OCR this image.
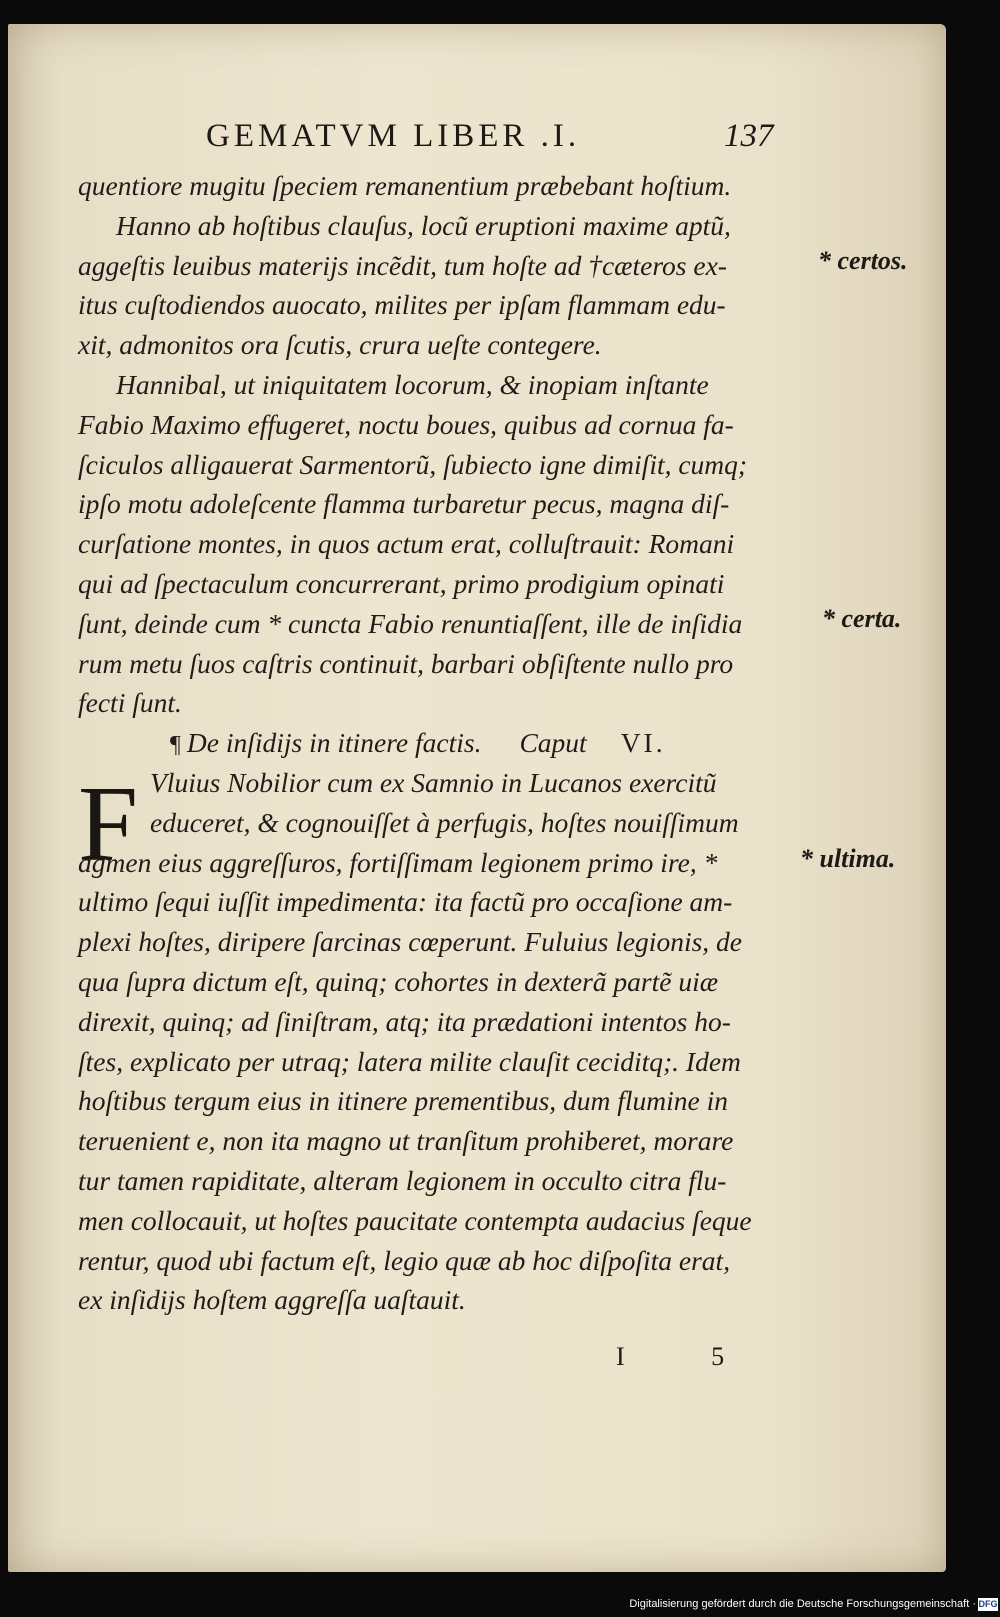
GEMATVM LIBER .I.	137
quentiore mugitu ſpeciem remanentium præbebant hoſtium.
Hanno ab hoſtibus clauſus, locũ eruptioni maxime aptũ,
aggeſtis leuibus materijs incẽdit, tum hoſte ad †cæteros ex-
itus cuſtodiendos auocato, milites per ipſam flammam edu-
xit, admonitos ora ſcutis, crura ueſte contegere.
Hannibal, ut iniquitatem locorum, & inopiam inſtante
Fabio Maximo effugeret, noctu boues, quibus ad cornua fa-
ſciculos alligauerat Sarmentorũ, ſubiecto igne dimiſit, cumq;
ipſo motu adoleſcente flamma turbaretur pecus, magna diſ-
curſatione montes, in quos actum erat, colluſtrauit: Romani
qui ad ſpectaculum concurrerant, primo prodigium opinati
ſunt, deinde cum * cuncta Fabio renuntiaſſent, ille de inſidia
rum metu ſuos caſtris continuit, barbari obſiſtente nullo pro
fecti ſunt.
¶ De inſidijs in itinere factis. Caput VI.
Vluius Nobilior cum ex Samnio in Lucanos exercitũ
educeret, & cognouiſſet à perfugis, hoſtes nouiſſimum
agmen eius aggreſſuros, fortiſſimam legionem primo ire, *
ultimo ſequi iuſſit impedimenta: ita factũ pro occaſione am-
plexi hoſtes, diripere ſarcinas cœperunt. Fuluius legionis, de
qua ſupra dictum eſt, quinq; cohortes in dexterã partẽ uiæ
direxit, quinq; ad ſiniſtram, atq; ita prædationi intentos ho-
ſtes, explicato per utraq; latera milite clauſit ceciditq;. Idem
hoſtibus tergum eius in itinere prementibus, dum flumine in
teruenient e, non ita magno ut tranſitum prohiberet, morare
tur tamen rapiditate, alteram legionem in occulto citra flu-
men collocauit, ut hoſtes paucitate contempta audacius ſeque
rentur, quod ubi factum eſt, legio quæ ab hoc diſpoſita erat,
ex inſidijs hoſtem aggreſſa uaſtauit.
F
* certos.
* certa.
* ultima.
I 5
Digitalisierung gefördert durch die Deutsche Forschungsgemeinschaft · DFG
